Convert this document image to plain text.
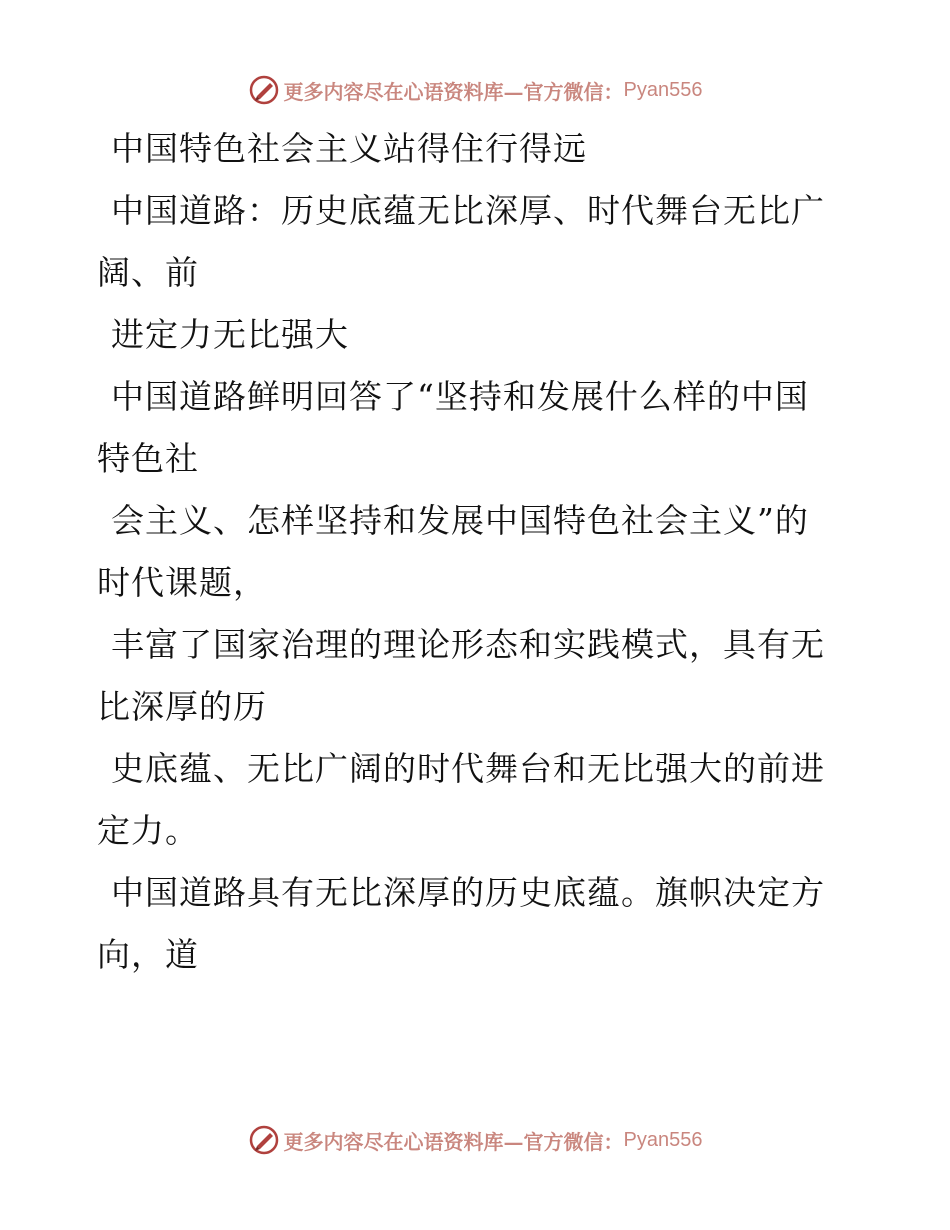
更多内容尽在心语资料库—官方微信： Pyan556

中国特色社会主义站得住行得远

中国道路：历史底蕴无比深厚、时代舞台无比广阔、前

进定力无比强大

中国道路鲜明回答了“坚持和发展什么样的中国特色社

会主义、怎样坚持和发展中国特色社会主义”的时代课题，

丰富了国家治理的理论形态和实践模式，具有无比深厚的历

史底蕴、无比广阔的时代舞台和无比强大的前进定力。

中国道路具有无比深厚的历史底蕴。旗帜决定方向，道

更多内容尽在心语资料库—官方微信： Pyan556
